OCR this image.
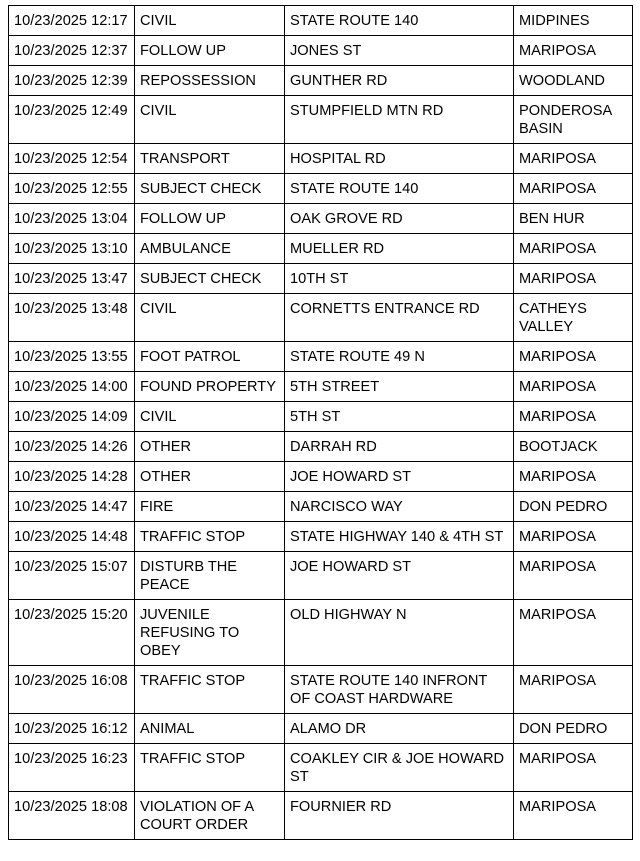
10/23/2025 12:17	CIVIL	STATE ROUTE 140	MIDPINES
10/23/2025 12:37	FOLLOW UP	JONES ST	MARIPOSA
10/23/2025 12:39	REPOSSESSION	GUNTHER RD	WOODLAND
10/23/2025 12:49	CIVIL	STUMPFIELD MTN RD	PONDEROSA BASIN
10/23/2025 12:54	TRANSPORT	HOSPITAL RD	MARIPOSA
10/23/2025 12:55	SUBJECT CHECK	STATE ROUTE 140	MARIPOSA
10/23/2025 13:04	FOLLOW UP	OAK GROVE RD	BEN HUR
10/23/2025 13:10	AMBULANCE	MUELLER RD	MARIPOSA
10/23/2025 13:47	SUBJECT CHECK	10TH ST	MARIPOSA
10/23/2025 13:48	CIVIL	CORNETTS ENTRANCE RD	CATHEYS VALLEY
10/23/2025 13:55	FOOT PATROL	STATE ROUTE 49 N	MARIPOSA
10/23/2025 14:00	FOUND PROPERTY	5TH STREET	MARIPOSA
10/23/2025 14:09	CIVIL	5TH ST	MARIPOSA
10/23/2025 14:26	OTHER	DARRAH RD	BOOTJACK
10/23/2025 14:28	OTHER	JOE HOWARD ST	MARIPOSA
10/23/2025 14:47	FIRE	NARCISCO WAY	DON PEDRO
10/23/2025 14:48	TRAFFIC STOP	STATE HIGHWAY 140 & 4TH ST	MARIPOSA
10/23/2025 15:07	DISTURB THE PEACE	JOE HOWARD ST	MARIPOSA
10/23/2025 15:20	JUVENILE REFUSING TO OBEY	OLD HIGHWAY N	MARIPOSA
10/23/2025 16:08	TRAFFIC STOP	STATE ROUTE 140 INFRONT OF COAST HARDWARE	MARIPOSA
10/23/2025 16:12	ANIMAL	ALAMO DR	DON PEDRO
10/23/2025 16:23	TRAFFIC STOP	COAKLEY CIR & JOE HOWARD ST	MARIPOSA
10/23/2025 18:08	VIOLATION OF A COURT ORDER	FOURNIER RD	MARIPOSA
